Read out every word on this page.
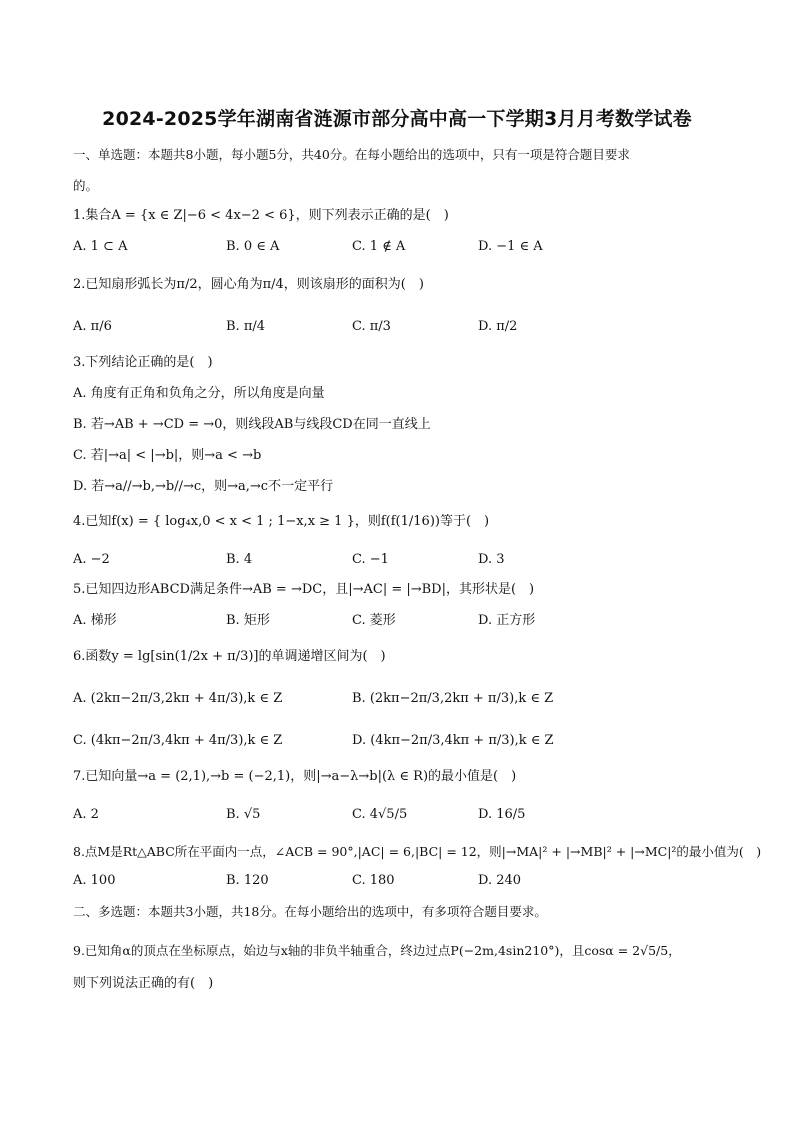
2024-2025学年湖南省涟源市部分高中高一下学期3月月考数学试卷
一、单选题：本题共8小题，每小题5分，共40分。在每小题给出的选项中，只有一项是符合题目要求
的。
1.集合A = {x ∈ Z|−6 < 4x−2 < 6}，则下列表示正确的是(　)
A. 1 ⊂ A	B. 0 ∈ A	C. 1 ∉ A	D. −1 ∈ A
2.已知扇形弧长为π/2，圆心角为π/4，则该扇形的面积为(　)
A. π/6	B. π/4	C. π/3	D. π/2
3.下列结论正确的是(　)
A. 角度有正角和负角之分，所以角度是向量
B. 若→AB + →CD = →0，则线段AB与线段CD在同一直线上
C. 若|→a| < |→b|，则→a < →b
D. 若→a//→b,→b//→c，则→a,→c不一定平行
4.已知f(x) = { log₄x,0 < x < 1 ; 1−x,x ≥ 1 }，则f(f(1/16))等于(　)
A. −2	B. 4	C. −1	D. 3
5.已知四边形ABCD满足条件→AB = →DC，且|→AC| = |→BD|，其形状是(　)
A. 梯形	B. 矩形	C. 菱形	D. 正方形
6.函数y = lg[sin(1/2x + π/3)]的单调递增区间为(　)
A. (2kπ−2π/3,2kπ + 4π/3),k ∈ Z	B. (2kπ−2π/3,2kπ + π/3),k ∈ Z
C. (4kπ−2π/3,4kπ + 4π/3),k ∈ Z	D. (4kπ−2π/3,4kπ + π/3),k ∈ Z
7.已知向量→a = (2,1),→b = (−2,1)，则|→a−λ→b|(λ ∈ R)的最小值是(　)
A. 2	B. √5	C. 4√5/5	D. 16/5
8.点M是Rt△ABC所在平面内一点，∠ACB = 90°,|AC| = 6,|BC| = 12，则|→MA|² + |→MB|² + |→MC|²的最小值为(　)
A. 100	B. 120	C. 180	D. 240
二、多选题：本题共3小题，共18分。在每小题给出的选项中，有多项符合题目要求。
9.已知角α的顶点在坐标原点，始边与x轴的非负半轴重合，终边过点P(−2m,4sin210°)，且cosα = 2√5/5，
则下列说法正确的有(　)
